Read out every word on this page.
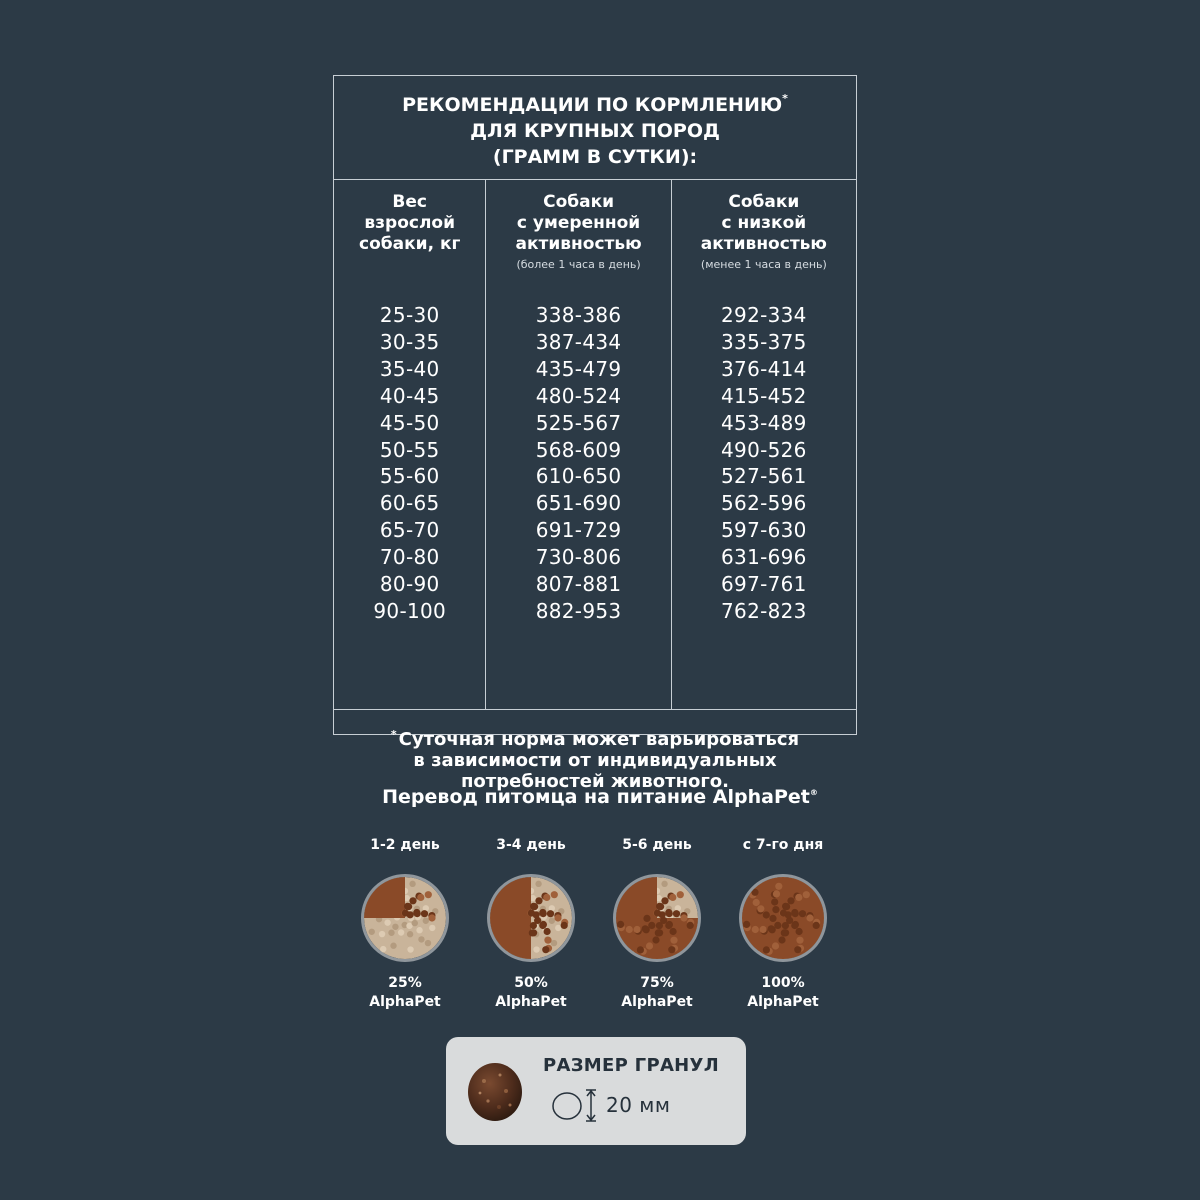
РЕКОМЕНДАЦИИ ПО КОРМЛЕНИЮ*
ДЛЯ КРУПНЫХ ПОРОД
(ГРАММ В СУТКИ):
Вес
взрослой
собаки, кг
25-30
30-35
35-40
40-45
45-50
50-55
55-60
60-65
65-70
70-80
80-90
90-100
Собаки
с умеренной
активностью
(более 1 часа в день)
338-386
387-434
435-479
480-524
525-567
568-609
610-650
651-690
691-729
730-806
807-881
882-953
Собаки
с низкой
активностью
(менее 1 часа в день)
292-334
335-375
376-414
415-452
453-489
490-526
527-561
562-596
597-630
631-696
697-761
762-823
* Суточная норма может варьироваться
в зависимости от индивидуальных
потребностей животного.
Перевод питомца на питание AlphaPet®
1-2 день
25%
AlphaPet
3-4 день
50%
AlphaPet
5-6 день
75%
AlphaPet
с 7-го дня
100%
AlphaPet
РАЗМЕР ГРАНУЛ
20 мм
